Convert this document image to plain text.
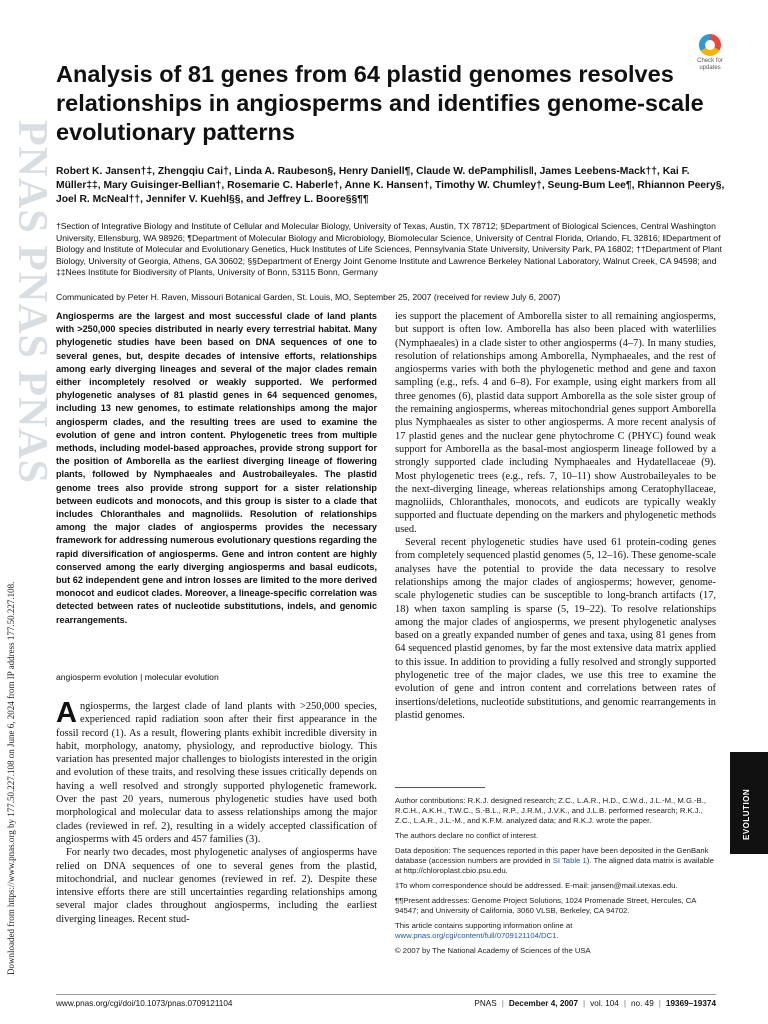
PNAS PNAS PNAS
Downloaded from https://www.pnas.org by 177.50.227.108 on June 6, 2024 from IP address 177.50.227.108.
Check for updates
Analysis of 81 genes from 64 plastid genomes resolves relationships in angiosperms and identifies genome-scale evolutionary patterns

Robert K. Jansen†‡, Zhengqiu Cai†, Linda A. Raubeson§, Henry Daniell¶, Claude W. dePamphilis‖, James Leebens-Mack††, Kai F. Müller‡‡, Mary Guisinger-Bellian†, Rosemarie C. Haberle†, Anne K. Hansen†, Timothy W. Chumley†, Seung-Bum Lee¶, Rhiannon Peery§, Joel R. McNeal††, Jennifer V. Kuehl§§, and Jeffrey L. Boore§§¶¶

†Section of Integrative Biology and Institute of Cellular and Molecular Biology, University of Texas, Austin, TX 78712; §Department of Biological Sciences, Central Washington University, Ellensburg, WA 98926; ¶Department of Molecular Biology and Microbiology, Biomolecular Science, University of Central Florida, Orlando, FL 32816; ‖Department of Biology and Institute of Molecular and Evolutionary Genetics, Huck Institutes of Life Sciences, Pennsylvania State University, University Park, PA 16802; ††Department of Plant Biology, University of Georgia, Athens, GA 30602; §§Department of Energy Joint Genome Institute and Lawrence Berkeley National Laboratory, Walnut Creek, CA 94598; and ‡‡Nees Institute for Biodiversity of Plants, University of Bonn, 53115 Bonn, Germany

Communicated by Peter H. Raven, Missouri Botanical Garden, St. Louis, MO, September 25, 2007 (received for review July 6, 2007)

Angiosperms are the largest and most successful clade of land plants with >250,000 species distributed in nearly every terrestrial habitat. Many phylogenetic studies have been based on DNA sequences of one to several genes, but, despite decades of intensive efforts, relationships among early diverging lineages and several of the major clades remain either incompletely resolved or weakly supported. We performed phylogenetic analyses of 81 plastid genes in 64 sequenced genomes, including 13 new genomes, to estimate relationships among the major angiosperm clades, and the resulting trees are used to examine the evolution of gene and intron content. Phylogenetic trees from multiple methods, including model-based approaches, provide strong support for the position of Amborella as the earliest diverging lineage of flowering plants, followed by Nymphaeales and Austrobaileyales. The plastid genome trees also provide strong support for a sister relationship between eudicots and monocots, and this group is sister to a clade that includes Chloranthales and magnoliids. Resolution of relationships among the major clades of angiosperms provides the necessary framework for addressing numerous evolutionary questions regarding the rapid diversification of angiosperms. Gene and intron content are highly conserved among the early diverging angiosperms and basal eudicots, but 62 independent gene and intron losses are limited to the more derived monocot and eudicot clades. Moreover, a lineage-specific correlation was detected between rates of nucleotide substitutions, indels, and genomic rearrangements.

angiosperm evolution | molecular evolution

Angiosperms, the largest clade of land plants with >250,000 species, experienced rapid radiation soon after their first appearance in the fossil record (1). As a result, flowering plants exhibit incredible diversity in habit, morphology, anatomy, physiology, and reproductive biology. This variation has presented major challenges to biologists interested in the origin and evolution of these traits, and resolving these issues critically depends on having a well resolved and strongly supported phylogenetic framework. Over the past 20 years, numerous phylogenetic studies have used both morphological and molecular data to assess relationships among the major clades (reviewed in ref. 2), resulting in a widely accepted classification of angiosperms with 45 orders and 457 families (3).

For nearly two decades, most phylogenetic analyses of angiosperms have relied on DNA sequences of one to several genes from the plastid, mitochondrial, and nuclear genomes (reviewed in ref. 2). Despite these intensive efforts there are still uncertainties regarding relationships among several major clades throughout angiosperms, including the earliest diverging lineages. Recent stud-

ies support the placement of Amborella sister to all remaining angiosperms, but support is often low. Amborella has also been placed with waterlilies (Nymphaeales) in a clade sister to other angiosperms (4–7). In many studies, resolution of relationships among Amborella, Nymphaeales, and the rest of angiosperms varies with both the phylogenetic method and gene and taxon sampling (e.g., refs. 4 and 6–8). For example, using eight markers from all three genomes (6), plastid data support Amborella as the sole sister group of the remaining angiosperms, whereas mitochondrial genes support Amborella plus Nymphaeales as sister to other angiosperms. A more recent analysis of 17 plastid genes and the nuclear gene phytochrome C (PHYC) found weak support for Amborella as the basal-most angiosperm lineage followed by a strongly supported clade including Nymphaeales and Hydatellaceae (9). Most phylogenetic trees (e.g., refs. 7, 10–11) show Austrobaileyales to be the next-diverging lineage, whereas relationships among Ceratophyllaceae, magnoliids, Chloranthales, monocots, and eudicots are typically weakly supported and fluctuate depending on the markers and phylogenetic methods used.

Several recent phylogenetic studies have used 61 protein-coding genes from completely sequenced plastid genomes (5, 12–16). These genome-scale analyses have the potential to provide the data necessary to resolve relationships among the major clades of angiosperms; however, genome-scale phylogenetic studies can be susceptible to long-branch artifacts (17, 18) when taxon sampling is sparse (5, 19–22). To resolve relationships among the major clades of angiosperms, we present phylogenetic analyses based on a greatly expanded number of genes and taxa, using 81 genes from 64 sequenced plastid genomes, by far the most extensive data matrix applied to this issue. In addition to providing a fully resolved and strongly supported phylogenetic tree of the major clades, we use this tree to examine the evolution of gene and intron content and correlations between rates of insertions/deletions, nucleotide substitutions, and genomic rearrangements in plastid genomes.

Author contributions: R.K.J. designed research; Z.C., L.A.R., H.D., C.W.d., J.L.-M., M.G.-B., R.C.H., A.K.H., T.W.C., S.-B.L., R.P., J.R.M., J.V.K., and J.L.B. performed research; R.K.J., Z.C., L.A.R., J.L.-M., and K.F.M. analyzed data; and R.K.J. wrote the paper.

The authors declare no conflict of interest.

Data deposition: The sequences reported in this paper have been deposited in the GenBank database (accession numbers are provided in SI Table 1). The aligned data matrix is available at http://chloroplast.cbio.psu.edu.

‡To whom correspondence should be addressed. E-mail: jansen@mail.utexas.edu.

¶¶Present addresses: Genome Project Solutions, 1024 Promenade Street, Hercules, CA 94547; and University of California, 3060 VLSB, Berkeley, CA 94702.

This article contains supporting information online at www.pnas.org/cgi/content/full/0709121104/DC1.

© 2007 by The National Academy of Sciences of the USA

EVOLUTION
www.pnas.org/cgi/doi/10.1073/pnas.0709121104	PNAS | December 4, 2007 | vol. 104 | no. 49 | 19369–19374
